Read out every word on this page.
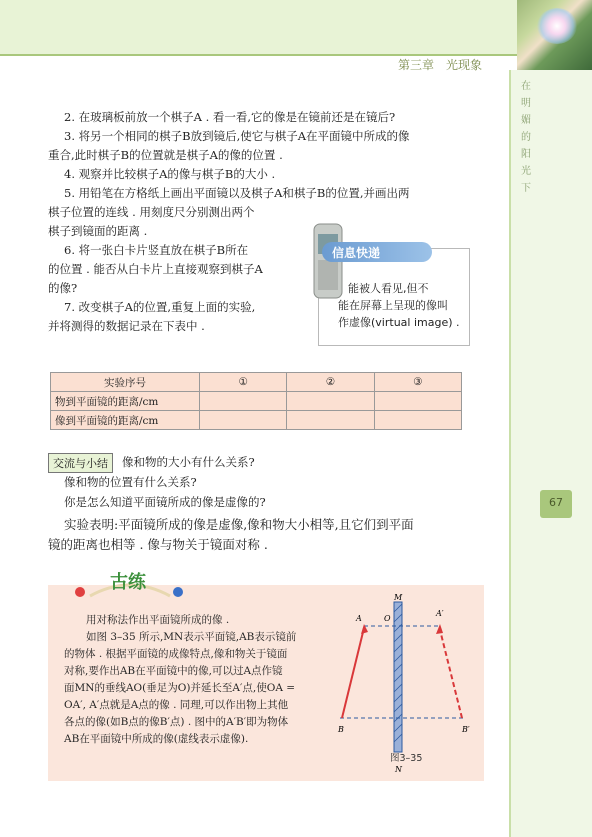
第三章　光现象
在
明
媚
的
阳
光
下
67
2. 在玻璃板前放一个棋子A . 看一看,它的像是在镜前还是在镜后?
3. 将另一个相同的棋子B放到镜后,使它与棋子A在平面镜中所成的像
重合,此时棋子B的位置就是棋子A的像的位置 .
4. 观察并比较棋子A的像与棋子B的大小 .
5. 用铅笔在方格纸上画出平面镜以及棋子A和棋子B的位置,并画出两
棋子位置的连线 . 用刻度尺分别测出两个
棋子到镜面的距离 .
6. 将一张白卡片竖直放在棋子B所在
的位置 . 能否从白卡片上直接观察到棋子A
的像?
7. 改变棋子A的位置,重复上面的实验,
并将测得的数据记录在下表中 .
信息快递
能被人看见,但不
能在屏幕上呈现的像叫
作虚像(virtual image) .
实验序号	①	②	③
物到平面镜的距离/cm			
像到平面镜的距离/cm			
交流与小结	像和物的大小有什么关系?
像和物的位置有什么关系?
你是怎么知道平面镜所成的像是虚像的?
实验表明:平面镜所成的像是虚像,像和物大小相等,且它们到平面
镜的距离也相等 . 像与物关于镜面对称 .
古练
用对称法作出平面镜所成的像 .
如图 3–35 所示,MN表示平面镜,AB表示镜前
的物体 . 根据平面镜的成像特点,像和物关于镜面
对称,要作出AB在平面镜中的像,可以过A点作镜
面MN的垂线AO(垂足为O)并延长至A′点,使OA =
OA′, A′点就是A点的像 . 同理,可以作出物上其他
各点的像(如B点的像B′点) . 图中的A′B′即为物体
AB在平面镜中所成的像(虚线表示虚像).
M
N
A	O
A′
B	B′
图3–35
